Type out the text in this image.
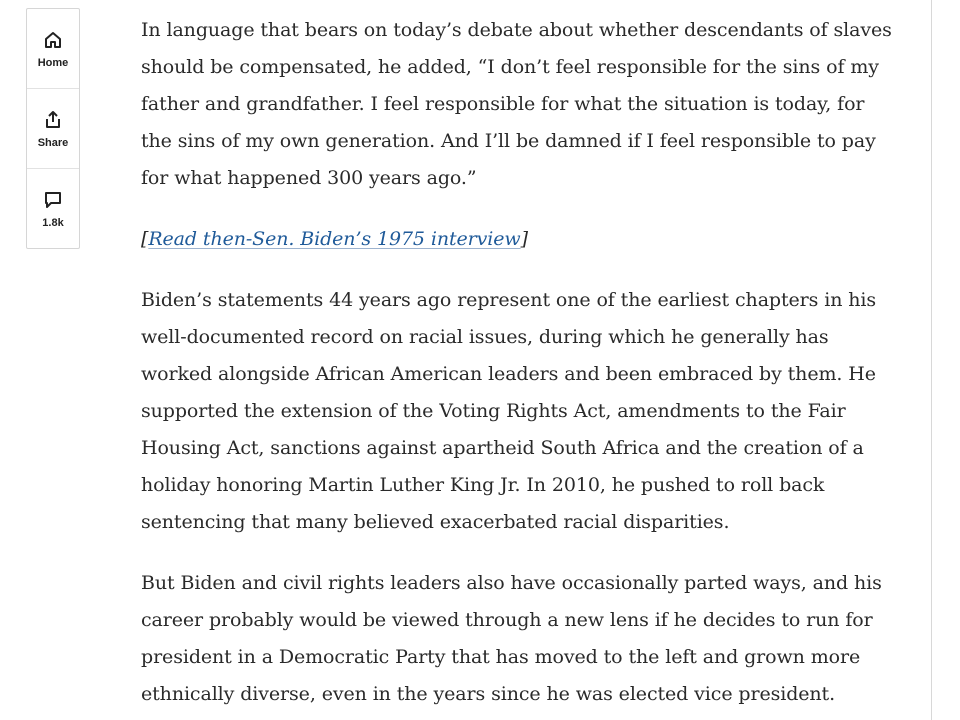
Home
Share
1.8k

In language that bears on today’s debate about whether descendants of slaves should be compensated, he added, “I don’t feel responsible for the sins of my father and grandfather. I feel responsible for what the situation is today, for the sins of my own generation. And I’ll be damned if I feel responsible to pay for what happened 300 years ago.”

[Read then-Sen. Biden’s 1975 interview]

Biden’s statements 44 years ago represent one of the earliest chapters in his well-documented record on racial issues, during which he generally has worked alongside African American leaders and been embraced by them. He supported the extension of the Voting Rights Act, amendments to the Fair Housing Act, sanctions against apartheid South Africa and the creation of a holiday honoring Martin Luther King Jr. In 2010, he pushed to roll back sentencing that many believed exacerbated racial disparities.

But Biden and civil rights leaders also have occasionally parted ways, and his career probably would be viewed through a new lens if he decides to run for president in a Democratic Party that has moved to the left and grown more ethnically diverse, even in the years since he was elected vice president.
